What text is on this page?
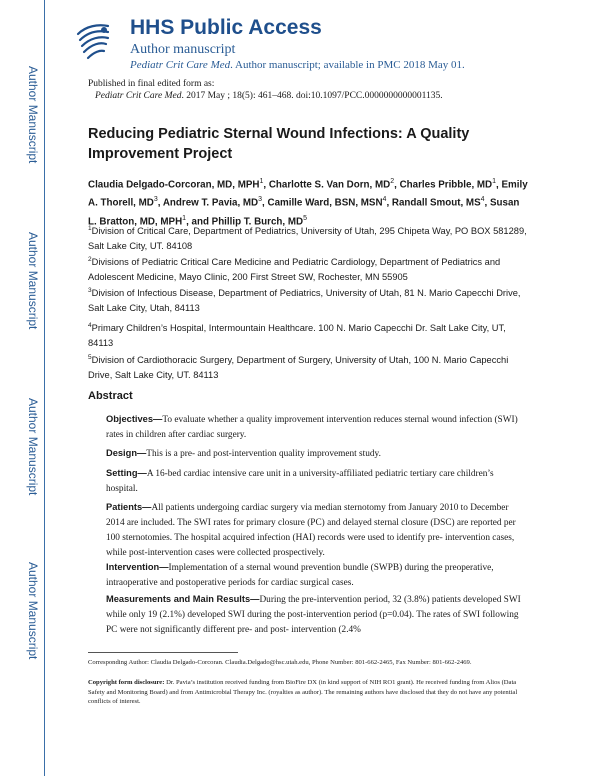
Author Manuscript
Author Manuscript
Author Manuscript
Author Manuscript
HHS Public Access
Author manuscript
Pediatr Crit Care Med. Author manuscript; available in PMC 2018 May 01.
Published in final edited form as:
Pediatr Crit Care Med. 2017 May ; 18(5): 461–468. doi:10.1097/PCC.0000000000001135.
Reducing Pediatric Sternal Wound Infections: A Quality Improvement Project
Claudia Delgado-Corcoran, MD, MPH$^1$, Charlotte S. Van Dorn, $MD^2$, Charles Pribble, $MD^1$, Emily A. Thorell, $MD^3$, Andrew T. Pavia, $MD^3$, Camille Ward, BSN, MSN$^4$, Randall Smout, $MS^4$, Susan L. Bratton, MD, MPH$^1$, and Phillip T. Burch, $MD^5$
$^1$Division of Critical Care, Department of Pediatrics, University of Utah, 295 Chipeta Way, PO BOX 581289, Salt Lake City, UT. 84108
$^2$Divisions of Pediatric Critical Care Medicine and Pediatric Cardiology, Department of Pediatrics and Adolescent Medicine, Mayo Clinic, 200 First Street SW, Rochester, MN 55905
$^3$Division of Infectious Disease, Department of Pediatrics, University of Utah, 81 N. Mario Capecchi Drive, Salt Lake City, Utah, 84113
$^4$Primary Children’s Hospital, Intermountain Healthcare. 100 N. Mario Capecchi Dr. Salt Lake City, UT, 84113
$^5$Division of Cardiothoracic Surgery, Department of Surgery, University of Utah, 100 N. Mario Capecchi Drive, Salt Lake City, UT. 84113
Abstract
Objectives—To evaluate whether a quality improvement intervention reduces sternal wound infection (SWI) rates in children after cardiac surgery.
Design—This is a pre- and post-intervention quality improvement study.
Setting—A 16-bed cardiac intensive care unit in a university-affiliated pediatric tertiary care children’s hospital.
Patients—All patients undergoing cardiac surgery via median sternotomy from January 2010 to December 2014 are included. The SWI rates for primary closure (PC) and delayed sternal closure (DSC) are reported per 100 sternotomies. The hospital acquired infection (HAI) records were used to identify pre- intervention cases, while post-intervention cases were collected prospectively.
Intervention—Implementation of a sternal wound prevention bundle (SWPB) during the preoperative, intraoperative and postoperative periods for cardiac surgical cases.
Measurements and Main Results—During the pre-intervention period, 32 (3.8%) patients developed SWI while only 19 (2.1%) developed SWI during the post-intervention period (p=0.04). The rates of SWI following PC were not significantly different pre- and post- intervention (2.4%
Corresponding Author: Claudia Delgado-Corcoran. Claudia.Delgado@hsc.utah.edu, Phone Number: 801-662-2465, Fax Number: 801-662-2469.
Copyright form disclosure: Dr. Pavia’s institution received funding from BioFire DX (in kind support of NIH RO1 grant). He received funding from Alios (Data Safety and Monitoring Board) and from Antimicrobial Therapy Inc. (royalties as author). The remaining authors have disclosed that they do not have any potential conflicts of interest.
